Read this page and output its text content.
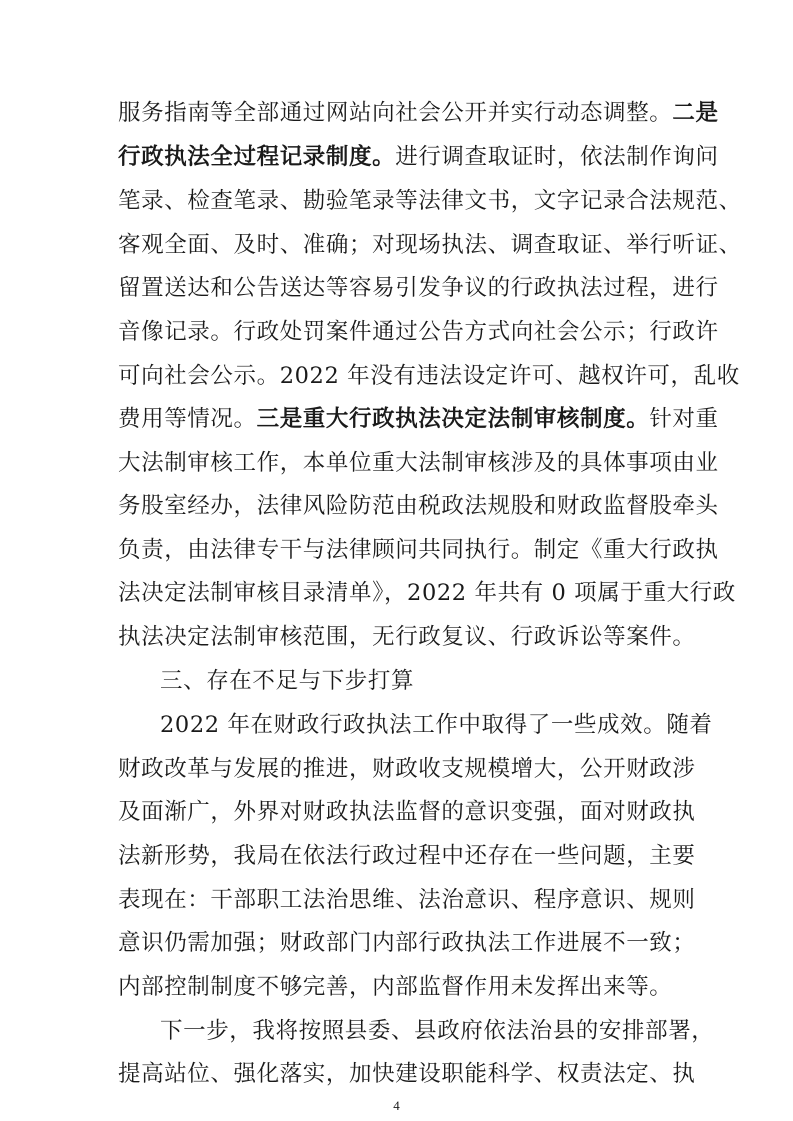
服务指南等全部通过网站向社会公开并实行动态调整。二是
行政执法全过程记录制度。进行调查取证时，依法制作询问
笔录、检查笔录、勘验笔录等法律文书，文字记录合法规范、
客观全面、及时、准确；对现场执法、调查取证、举行听证、
留置送达和公告送达等容易引发争议的行政执法过程，进行
音像记录。行政处罚案件通过公告方式向社会公示；行政许
可向社会公示。2022 年没有违法设定许可、越权许可，乱收
费用等情况。三是重大行政执法决定法制审核制度。针对重
大法制审核工作，本单位重大法制审核涉及的具体事项由业
务股室经办，法律风险防范由税政法规股和财政监督股牵头
负责，由法律专干与法律顾问共同执行。制定《重大行政执
法决定法制审核目录清单》，2022 年共有 0 项属于重大行政
执法决定法制审核范围，无行政复议、行政诉讼等案件。
三、存在不足与下步打算
2022 年在财政行政执法工作中取得了一些成效。随着
财政改革与发展的推进，财政收支规模增大，公开财政涉
及面渐广，外界对财政执法监督的意识变强，面对财政执
法新形势，我局在依法行政过程中还存在一些问题，主要
表现在：干部职工法治思维、法治意识、程序意识、规则
意识仍需加强；财政部门内部行政执法工作进展不一致；
内部控制制度不够完善，内部监督作用未发挥出来等。
下一步，我将按照县委、县政府依法治县的安排部署，
提高站位、强化落实，加快建设职能科学、权责法定、执
4
